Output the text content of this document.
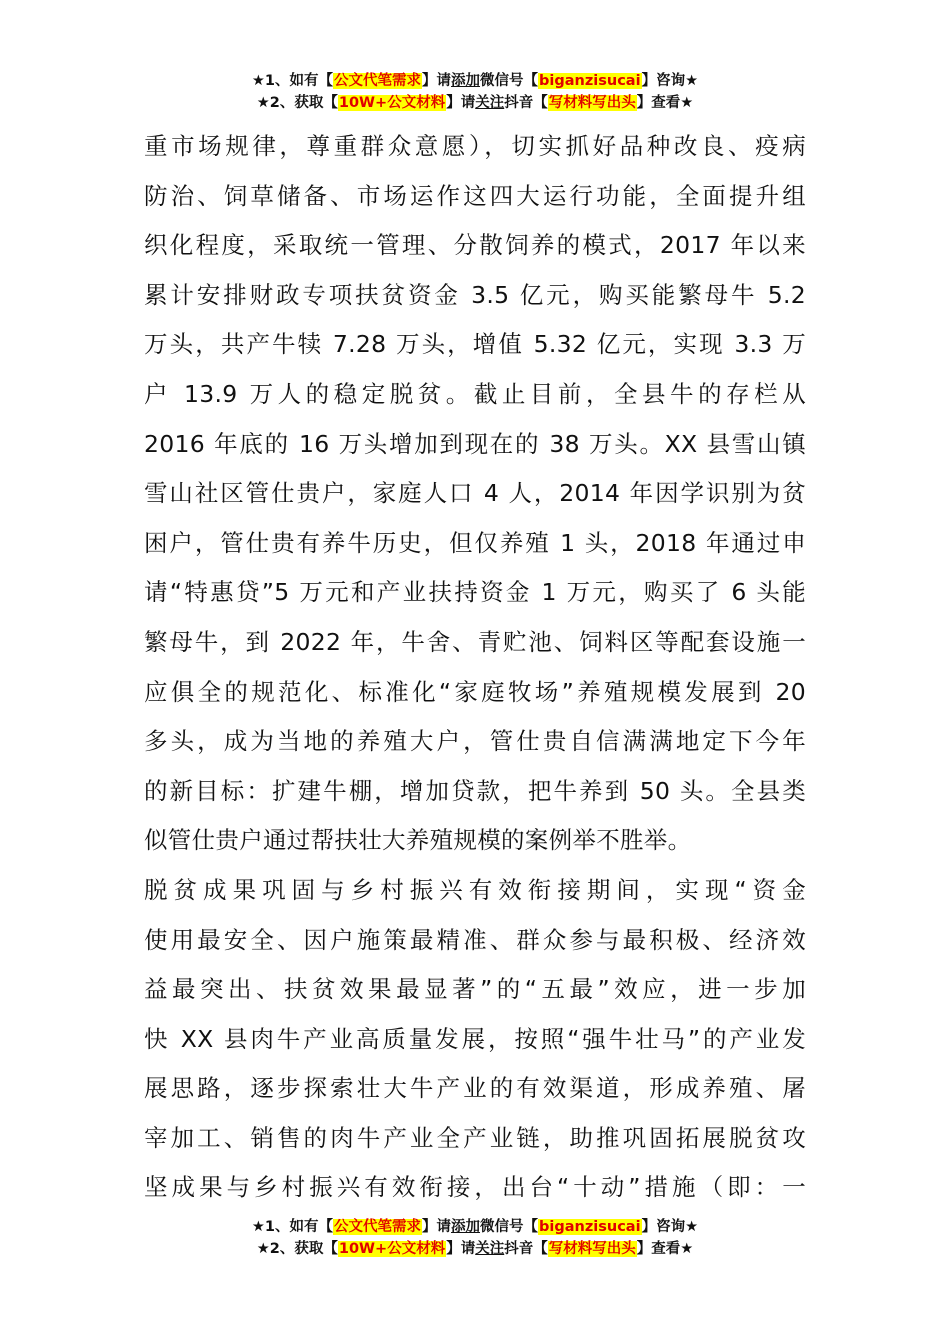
★1、如有【公文代笔需求】请添加微信号【biganzisucai】咨询★
★2、获取【10W+公文材料】请关注抖音【写材料写出头】查看★

重市场规律，尊重群众意愿），切实抓好品种改良、疫病
防治、饲草储备、市场运作这四大运行功能，全面提升组
织化程度，采取统一管理、分散饲养的模式，2017 年以来
累计安排财政专项扶贫资金 3.5 亿元，购买能繁母牛 5.2
万头，共产牛犊 7.28 万头，增值 5.32 亿元，实现 3.3 万
户 13.9 万人的稳定脱贫。截止目前，全县牛的存栏从
2016 年底的 16 万头增加到现在的 38 万头。XX 县雪山镇
雪山社区管仕贵户，家庭人口 4 人，2014 年因学识别为贫
困户，管仕贵有养牛历史，但仅养殖 1 头，2018 年通过申
请“特惠贷”5 万元和产业扶持资金 1 万元，购买了 6 头能
繁母牛，到 2022 年，牛舍、青贮池、饲料区等配套设施一
应俱全的规范化、标准化“家庭牧场”养殖规模发展到 20
多头，成为当地的养殖大户，管仕贵自信满满地定下今年
的新目标：扩建牛棚，增加贷款，把牛养到 50 头。全县类
似管仕贵户通过帮扶壮大养殖规模的案例举不胜举。

脱贫成果巩固与乡村振兴有效衔接期间，实现“资金
使用最安全、因户施策最精准、群众参与最积极、经济效
益最突出、扶贫效果最显著”的“五最”效应，进一步加
快 XX 县肉牛产业高质量发展，按照“强牛壮马”的产业发
展思路，逐步探索壮大牛产业的有效渠道，形成养殖、屠
宰加工、销售的肉牛产业全产业链，助推巩固拓展脱贫攻
坚成果与乡村振兴有效衔接，出台“十动”措施（即：一

★1、如有【公文代笔需求】请添加微信号【biganzisucai】咨询★
★2、获取【10W+公文材料】请关注抖音【写材料写出头】查看★
